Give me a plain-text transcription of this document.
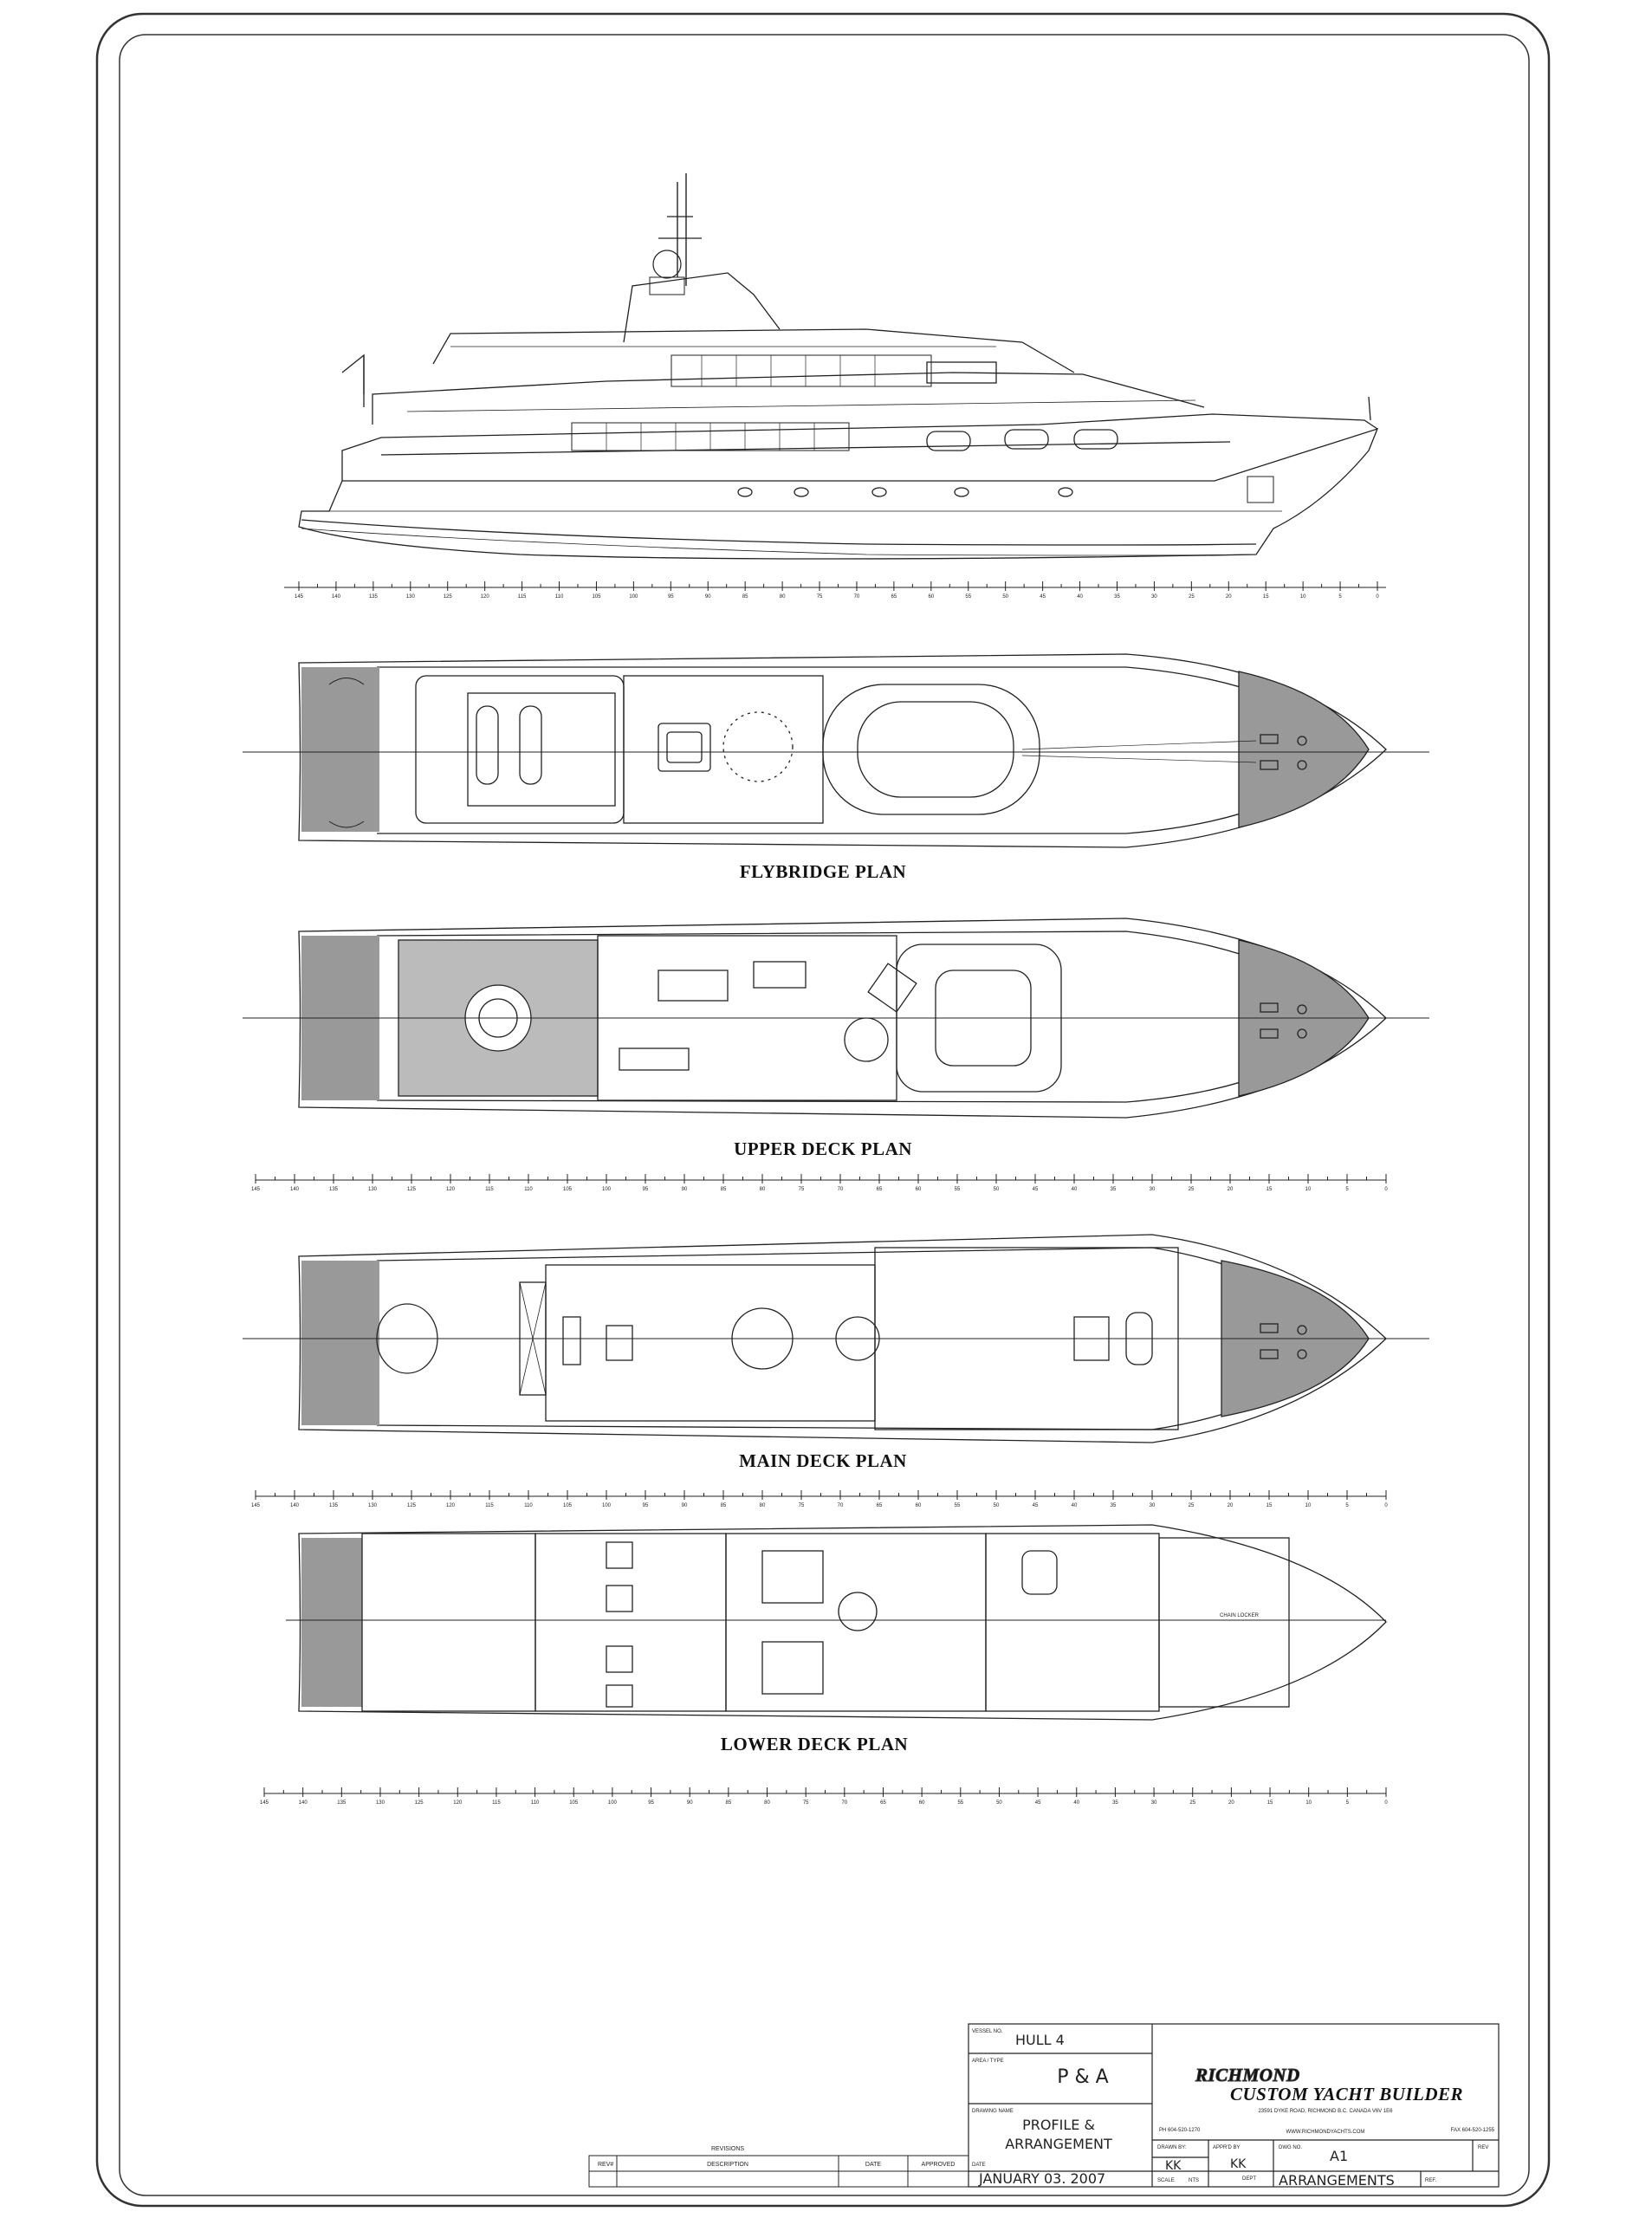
145	140	135	130	125	120	115	110	105	100	95	90	85	80	75	70	65	60	55	50	45	40	35	30	25	20	15	10	5	0
FLYBRIDGE PLAN
UPPER DECK PLAN
145	140	135	130	125	120	115	110	105	100	95	90	85	80	75	70	65	60	55	50	45	40	35	30	25	20	15	10	5	0
MAIN DECK PLAN
145	140	135	130	125	120	115	110	105	100	95	90	85	80	75	70	65	60	55	50	45	40	35	30	25	20	15	10	5	0
CHAIN LOCKER
LOWER DECK PLAN
145	140	135	130	125	120	115	110	105	100	95	90	85	80	75	70	65	60	55	50	45	40	35	30	25	20	15	10	5	0
REVISIONS
REV#	DESCRIPTION	DATE	APPROVED
VESSEL NO. HULL 4
AREA / TYPE
P & A
DRAWING NAME
PROFILE &
ARRANGEMENT
DATE
JANUARY 03. 2007
RICHMOND
CUSTOM YACHT BUILDER
23591 DYKE ROAD, RICHMOND B.C. CANADA V6V 1E6
PH 604-520-1270	WWW.RICHMONDYACHTS.COM	FAX 604-520-1255
DRAWN BY:
KK
APPR'D BY
KK
DWG NO. A1	REV
SCALE	NTS	DEPT ARRANGEMENTS	REF.
